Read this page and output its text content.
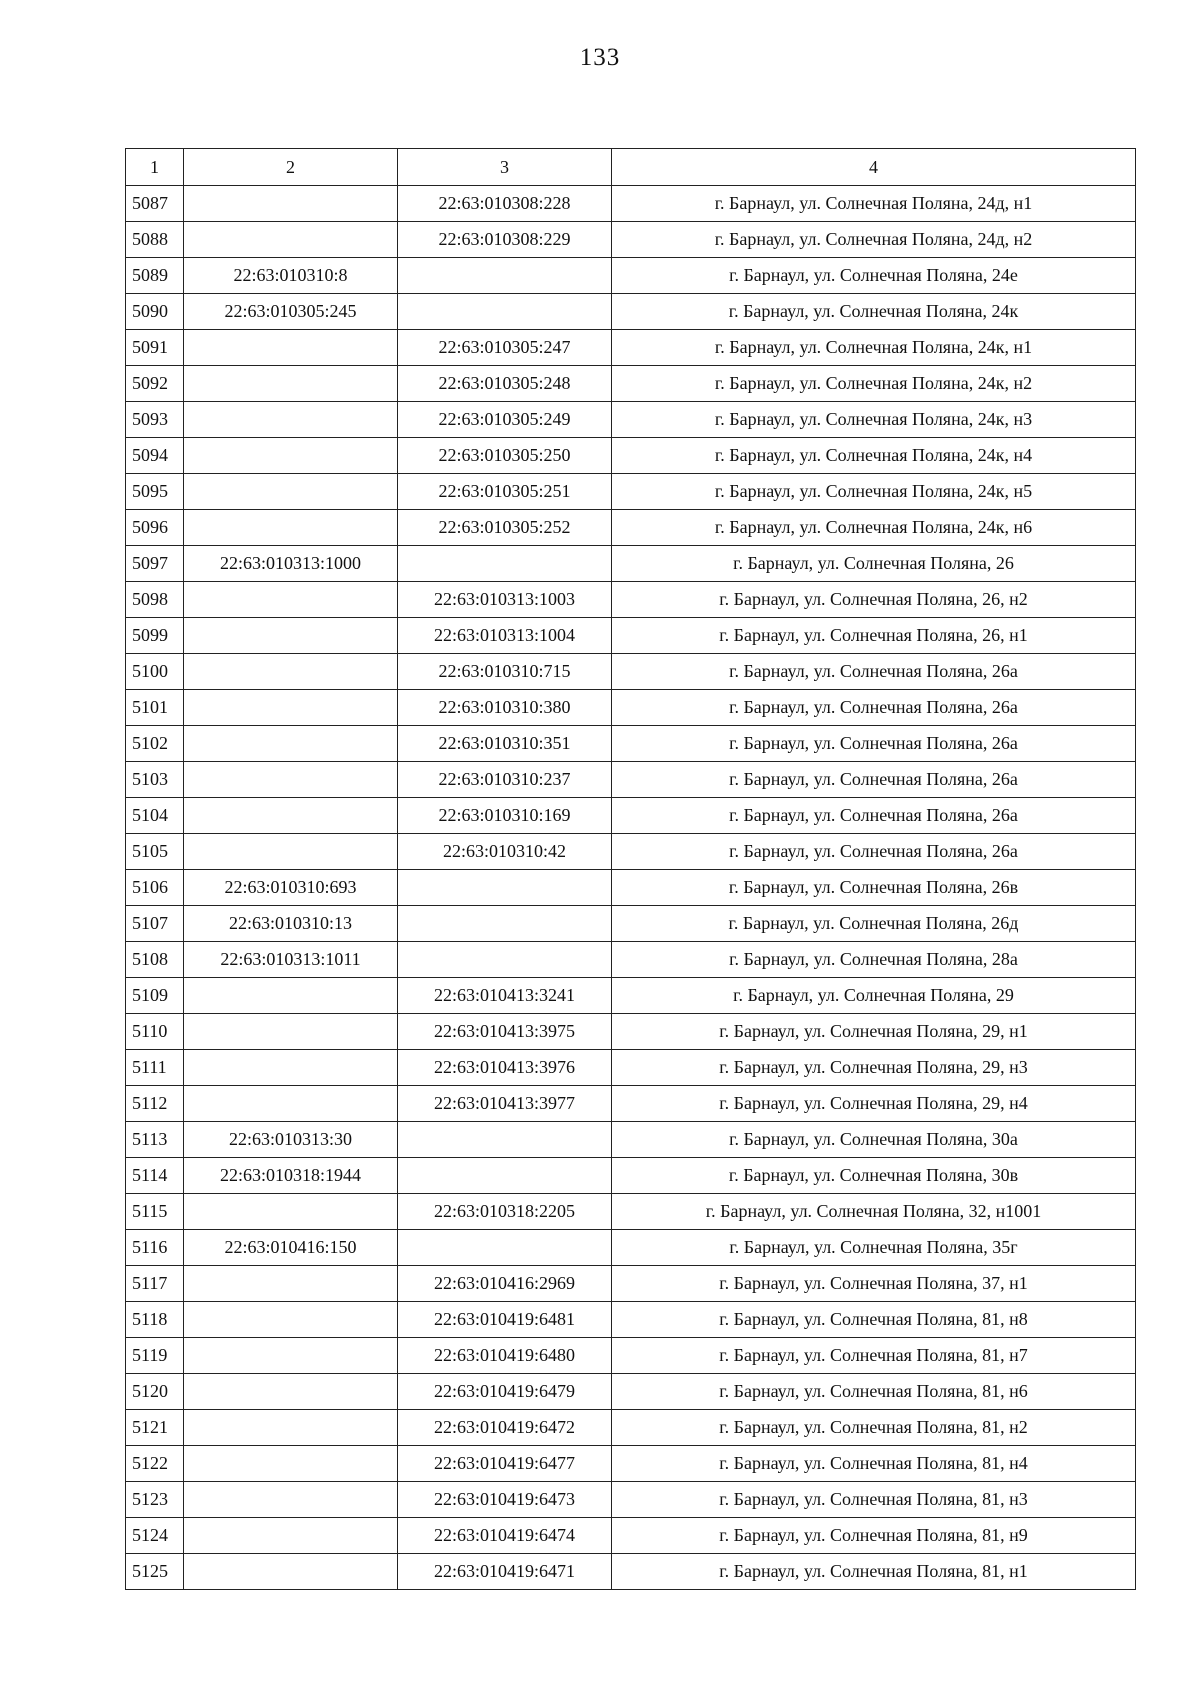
133
1	2	3	4
5087		22:63:010308:228	г. Барнаул, ул. Солнечная Поляна, 24д, н1
5088		22:63:010308:229	г. Барнаул, ул. Солнечная Поляна, 24д, н2
5089	22:63:010310:8		г. Барнаул, ул. Солнечная Поляна, 24е
5090	22:63:010305:245		г. Барнаул, ул. Солнечная Поляна, 24к
5091		22:63:010305:247	г. Барнаул, ул. Солнечная Поляна, 24к, н1
5092		22:63:010305:248	г. Барнаул, ул. Солнечная Поляна, 24к, н2
5093		22:63:010305:249	г. Барнаул, ул. Солнечная Поляна, 24к, н3
5094		22:63:010305:250	г. Барнаул, ул. Солнечная Поляна, 24к, н4
5095		22:63:010305:251	г. Барнаул, ул. Солнечная Поляна, 24к, н5
5096		22:63:010305:252	г. Барнаул, ул. Солнечная Поляна, 24к, н6
5097	22:63:010313:1000		г. Барнаул, ул. Солнечная Поляна, 26
5098		22:63:010313:1003	г. Барнаул, ул. Солнечная Поляна, 26, н2
5099		22:63:010313:1004	г. Барнаул, ул. Солнечная Поляна, 26, н1
5100		22:63:010310:715	г. Барнаул, ул. Солнечная Поляна, 26а
5101		22:63:010310:380	г. Барнаул, ул. Солнечная Поляна, 26а
5102		22:63:010310:351	г. Барнаул, ул. Солнечная Поляна, 26а
5103		22:63:010310:237	г. Барнаул, ул. Солнечная Поляна, 26а
5104		22:63:010310:169	г. Барнаул, ул. Солнечная Поляна, 26а
5105		22:63:010310:42	г. Барнаул, ул. Солнечная Поляна, 26а
5106	22:63:010310:693		г. Барнаул, ул. Солнечная Поляна, 26в
5107	22:63:010310:13		г. Барнаул, ул. Солнечная Поляна, 26д
5108	22:63:010313:1011		г. Барнаул, ул. Солнечная Поляна, 28а
5109		22:63:010413:3241	г. Барнаул, ул. Солнечная Поляна, 29
5110		22:63:010413:3975	г. Барнаул, ул. Солнечная Поляна, 29, н1
5111		22:63:010413:3976	г. Барнаул, ул. Солнечная Поляна, 29, н3
5112		22:63:010413:3977	г. Барнаул, ул. Солнечная Поляна, 29, н4
5113	22:63:010313:30		г. Барнаул, ул. Солнечная Поляна, 30а
5114	22:63:010318:1944		г. Барнаул, ул. Солнечная Поляна, 30в
5115		22:63:010318:2205	г. Барнаул, ул. Солнечная Поляна, 32, н1001
5116	22:63:010416:150		г. Барнаул, ул. Солнечная Поляна, 35г
5117		22:63:010416:2969	г. Барнаул, ул. Солнечная Поляна, 37, н1
5118		22:63:010419:6481	г. Барнаул, ул. Солнечная Поляна, 81, н8
5119		22:63:010419:6480	г. Барнаул, ул. Солнечная Поляна, 81, н7
5120		22:63:010419:6479	г. Барнаул, ул. Солнечная Поляна, 81, н6
5121		22:63:010419:6472	г. Барнаул, ул. Солнечная Поляна, 81, н2
5122		22:63:010419:6477	г. Барнаул, ул. Солнечная Поляна, 81, н4
5123		22:63:010419:6473	г. Барнаул, ул. Солнечная Поляна, 81, н3
5124		22:63:010419:6474	г. Барнаул, ул. Солнечная Поляна, 81, н9
5125		22:63:010419:6471	г. Барнаул, ул. Солнечная Поляна, 81, н1
